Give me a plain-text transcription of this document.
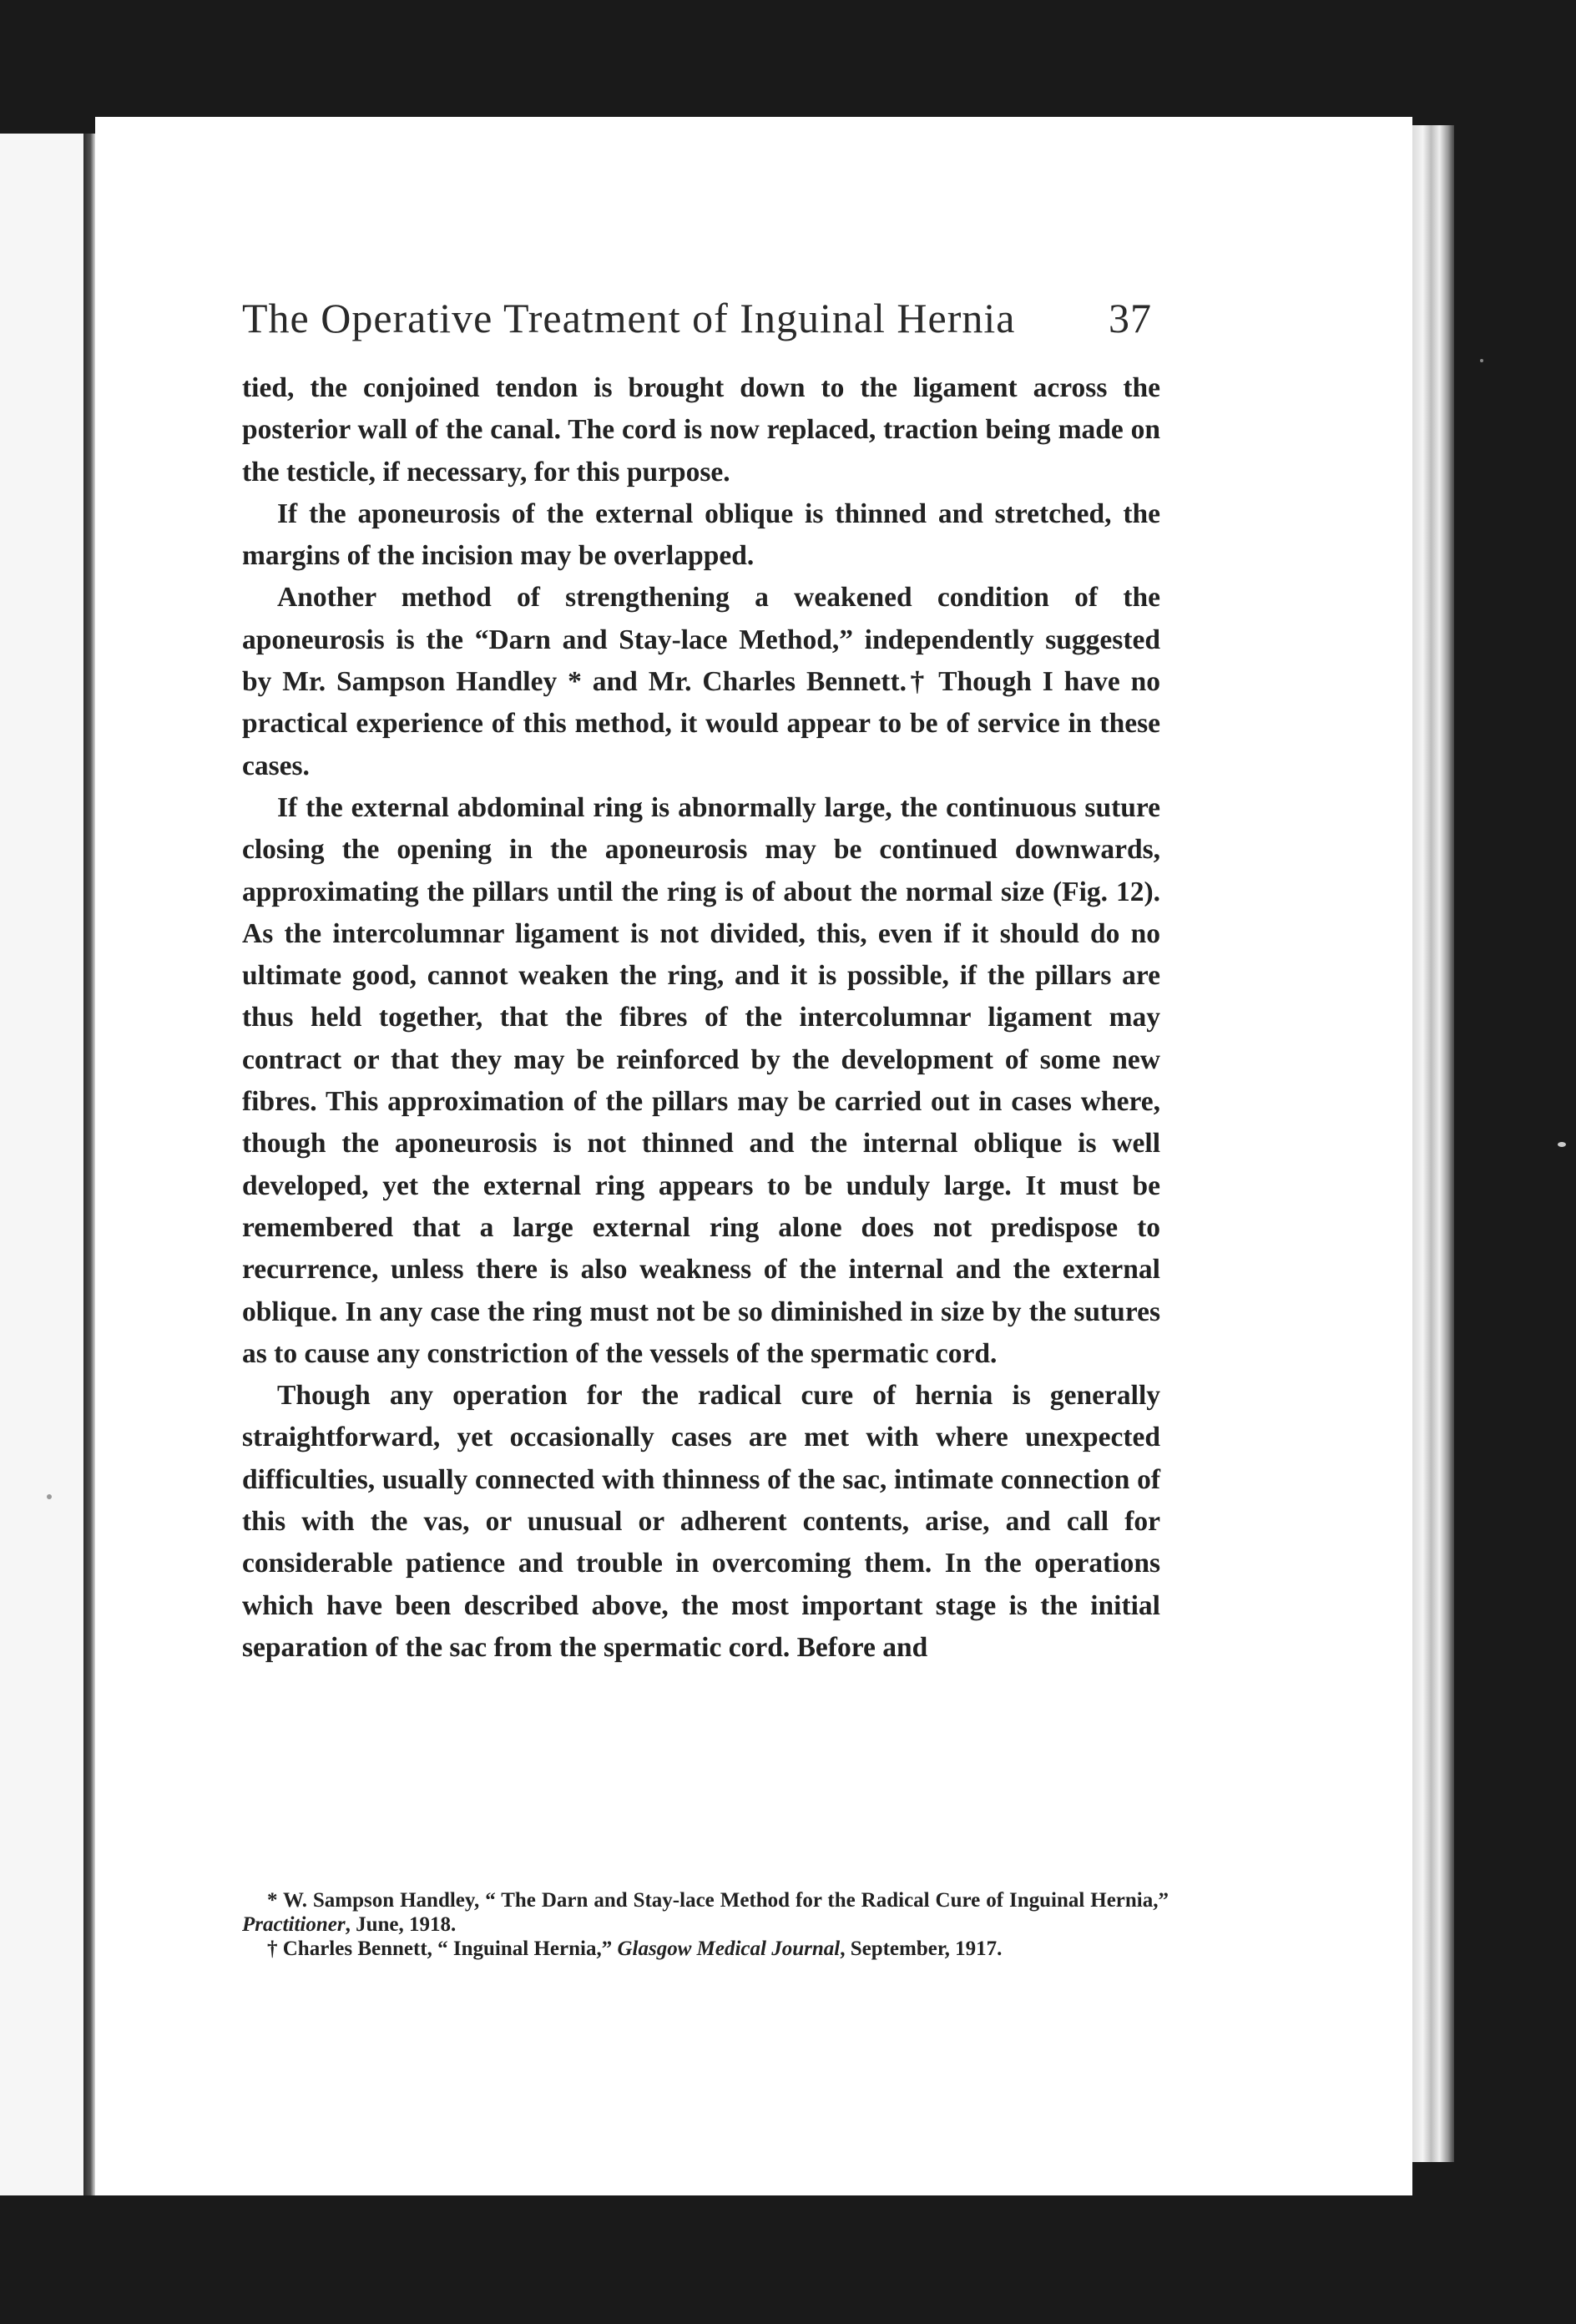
The Operative Treatment of Inguinal Hernia 37

tied, the conjoined tendon is brought down to the ligament across the posterior wall of the canal. The cord is now replaced, traction being made on the testicle, if necessary, for this purpose.

If the aponeurosis of the external oblique is thinned and stretched, the margins of the incision may be overlapped.

Another method of strengthening a weakened condition of the aponeurosis is the “Darn and Stay-lace Method,” independently suggested by Mr. Sampson Handley * and Mr. Charles Bennett.† Though I have no practical experience of this method, it would appear to be of service in these cases.

If the external abdominal ring is abnormally large, the continuous suture closing the opening in the aponeurosis may be continued downwards, approximating the pillars until the ring is of about the normal size (Fig. 12). As the intercolumnar ligament is not divided, this, even if it should do no ultimate good, cannot weaken the ring, and it is possible, if the pillars are thus held together, that the fibres of the intercolumnar ligament may contract or that they may be reinforced by the development of some new fibres. This approximation of the pillars may be carried out in cases where, though the aponeurosis is not thinned and the internal oblique is well developed, yet the external ring appears to be unduly large. It must be remembered that a large external ring alone does not predispose to recurrence, unless there is also weakness of the internal and the external oblique. In any case the ring must not be so diminished in size by the sutures as to cause any constriction of the vessels of the spermatic cord.

Though any operation for the radical cure of hernia is generally straightforward, yet occasionally cases are met with where unexpected difficulties, usually connected with thinness of the sac, intimate connection of this with the vas, or unusual or adherent contents, arise, and call for considerable patience and trouble in overcoming them. In the operations which have been described above, the most important stage is the initial separation of the sac from the spermatic cord. Before and

* W. Sampson Handley, “ The Darn and Stay-lace Method for the Radical Cure of Inguinal Hernia,” Practitioner, June, 1918.

† Charles Bennett, “ Inguinal Hernia,” Glasgow Medical Journal, September, 1917.
